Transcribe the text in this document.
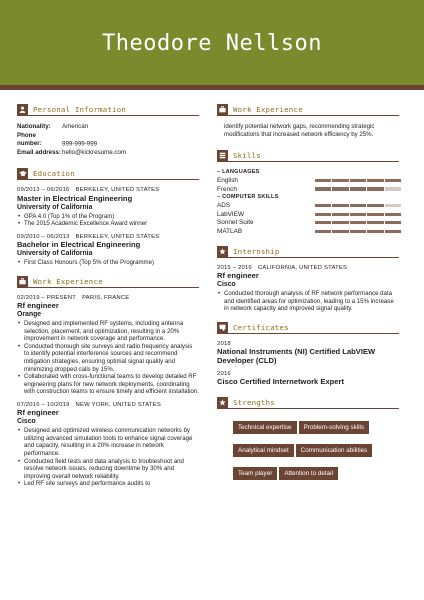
Theodore Nellson
Personal Information
Nationality: American
Phone number:	999-999-999
Email address:hello@kickresume.com
Education
09/2013 – 06/2016 BERKELEY, UNITED STATES
Master in Electrical Engineering
University of California
• GPA 4.0 (Top 1% of the Program)
• The 2015 Academic Excellence Award winner
09/2010 – 06/2013 BERKELEY, UNITED STATES
Bachelor in Electrical Engineering
University of California
• First Class Honours (Top 5% of the Programme)
Work Experience
02/2019 – PRESENT PARIS, FRANCE
Rf engineer
Orange
• Designed and implemented RF systems, including antenna selection, placement, and optimization, resulting in a 20% improvement in network coverage and performance.
• Conducted thorough site surveys and radio frequency analysis to identify potential interference sources and recommend mitigation strategies, ensuring optimal signal quality and minimizing dropped calls by 15%.
• Collaborated with cross-functional teams to develop detailed RF engineering plans for new network deployments, coordinating with construction teams to ensure timely and efficient installation.
07/2016 – 10/2019 NEW YORK, UNITED STATES
Rf engineer
Cisco
• Designed and optimized wireless communication networks by utilizing advanced simulation tools to enhance signal coverage and capacity, resulting in a 20% increase in network performance.
• Conducted field tests and data analysis to troubleshoot and resolve network issues, reducing downtime by 30% and improving overall network reliability.
• Led RF site surveys and performance audits to
Work Experience
identify potential network gaps, recommending strategic modifications that increased network efficiency by 25%.
Skills
– LANGUAGES
English
French
– COMPUTER SKILLS
ADS
LabVIEW
Sonnet Suite
MATLAB
Internship
2015 – 2016 CALIFORNIA, UNITED STATES
Rf engineer
Cisco
• Conducted thorough analysis of RF network performance data and identified areas for optimization, leading to a 15% increase in network capacity and improved signal quality.
Certificates
2018
National Instruments (NI) Certified LabVIEW Developer (CLD)
2016
Cisco Certified Internetwork Expert
Strengths
Technical expertise Problem-solving skills
Analytical mindset Communication abilities
Team player Attention to detail
